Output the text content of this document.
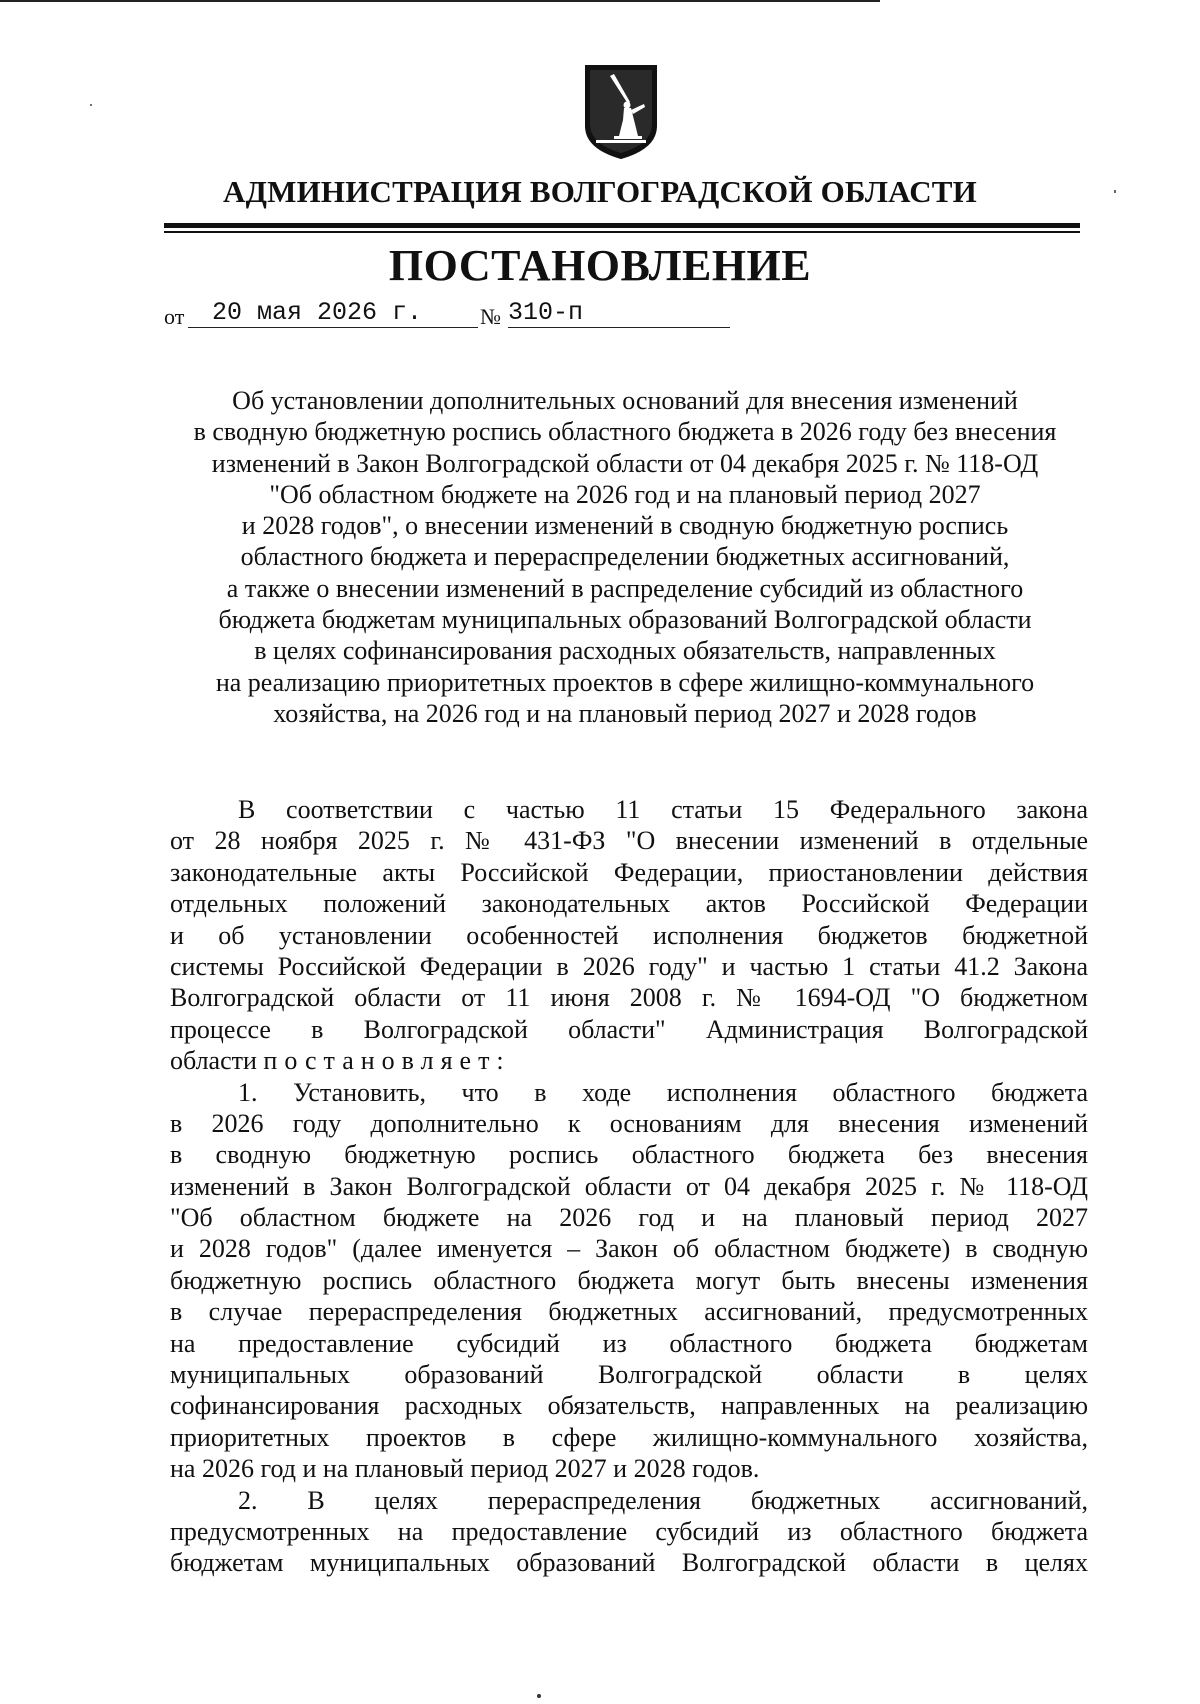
АДМИНИСТРАЦИЯ ВОЛГОГРАДСКОЙ ОБЛАСТИ
ПОСТАНОВЛЕНИЕ
от	20 мая 2026 г.	№ 310-п
Об установлении дополнительных оснований для внесения изменений
в сводную бюджетную роспись областного бюджета в 2026 году без внесения
изменений в Закон Волгоградской области от 04 декабря 2025 г. № 118-ОД
"Об областном бюджете на 2026 год и на плановый период 2027
и 2028 годов", о внесении изменений в сводную бюджетную роспись
областного бюджета и перераспределении бюджетных ассигнований,
а также о внесении изменений в распределение субсидий из областного
бюджета бюджетам муниципальных образований Волгоградской области
в целях софинансирования расходных обязательств, направленных
на реализацию приоритетных проектов в сфере жилищно-коммунального
хозяйства, на 2026 год и на плановый период 2027 и 2028 годов
В соответствии с частью 11 статьи 15 Федерального закона
от 28 ноября 2025 г. № 431-ФЗ "О внесении изменений в отдельные
законодательные акты Российской Федерации, приостановлении действия
отдельных положений законодательных актов Российской Федерации
и об установлении особенностей исполнения бюджетов бюджетной
системы Российской Федерации в 2026 году" и частью 1 статьи 41.2 Закона
Волгоградской области от 11 июня 2008 г. № 1694-ОД "О бюджетном
процессе в Волгоградской области" Администрация Волгоградской
области постановляет:
1. Установить, что в ходе исполнения областного бюджета
в 2026 году дополнительно к основаниям для внесения изменений
в сводную бюджетную роспись областного бюджета без внесения
изменений в Закон Волгоградской области от 04 декабря 2025 г. № 118-ОД
"Об областном бюджете на 2026 год и на плановый период 2027
и 2028 годов" (далее именуется – Закон об областном бюджете) в сводную
бюджетную роспись областного бюджета могут быть внесены изменения
в случае перераспределения бюджетных ассигнований, предусмотренных
на предоставление субсидий из областного бюджета бюджетам
муниципальных образований Волгоградской области в целях
софинансирования расходных обязательств, направленных на реализацию
приоритетных проектов в сфере жилищно-коммунального хозяйства,
на 2026 год и на плановый период 2027 и 2028 годов.
2. В целях перераспределения бюджетных ассигнований,
предусмотренных на предоставление субсидий из областного бюджета
бюджетам муниципальных образований Волгоградской области в целях
